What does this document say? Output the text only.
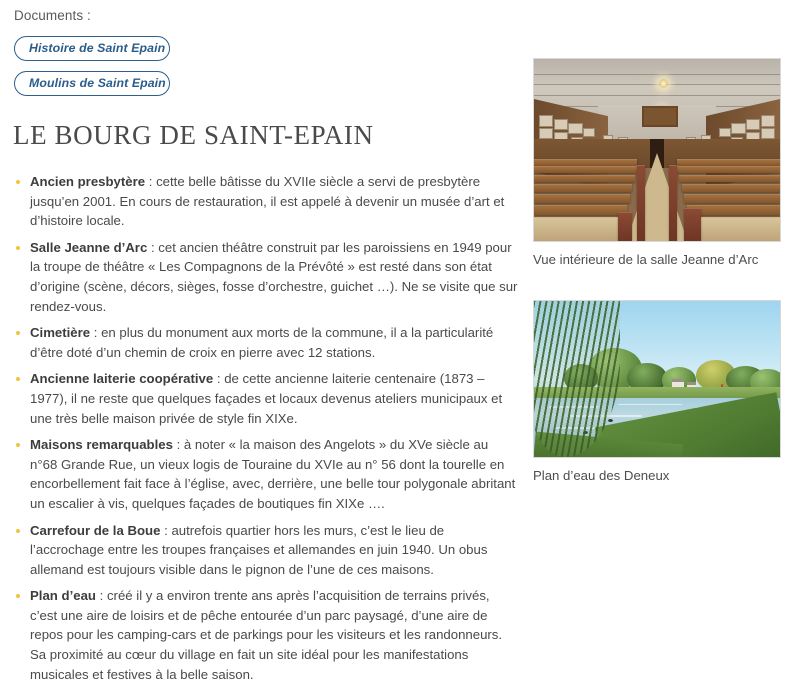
Documents :
Histoire de Saint Epain
Moulins de Saint Epain
LE BOURG DE SAINT-EPAIN
Ancien presbytère : cette belle bâtisse du XVIIe siècle a servi de presbytère jusqu’en 2001. En cours de restauration, il est appelé à devenir un musée d’art et d’histoire locale.
Salle Jeanne d’Arc : cet ancien théâtre construit par les paroissiens en 1949 pour la troupe de théâtre « Les Compagnons de la Prévôté » est resté dans son état d’origine (scène, décors, sièges, fosse d’orchestre, guichet …). Ne se visite que sur rendez-vous.
Cimetière : en plus du monument aux morts de la commune, il a la particularité d’être doté d’un chemin de croix en pierre avec 12 stations.
Ancienne laiterie coopérative : de cette ancienne laiterie centenaire (1873 – 1977), il ne reste que quelques façades et locaux devenus ateliers municipaux et une très belle maison privée de style fin XIXe.
Maisons remarquables : à noter « la maison des Angelots » du XVe siècle au n°68 Grande Rue, un vieux logis de Touraine du XVIe au n° 56 dont la tourelle en encorbellement fait face à l’église, avec, derrière, une belle tour polygonale abritant un escalier à vis, quelques façades de boutiques fin XIXe ….
Carrefour de la Boue : autrefois quartier hors les murs, c’est le lieu de l’accrochage entre les troupes françaises et allemandes en juin 1940. Un obus allemand est toujours visible dans le pignon de l’une de ces maisons.
Plan d’eau : créé il y a environ trente ans après l’acquisition de terrains privés, c’est une aire de loisirs et de pêche entourée d’un parc paysagé, d’une aire de repos pour les camping-cars et de parkings pour les visiteurs et les randonneurs. Sa proximité au cœur du village en fait un site idéal pour les manifestations musicales et festives à la belle saison.
Vue intérieure de la salle Jeanne d’Arc
Plan d’eau des Deneux
